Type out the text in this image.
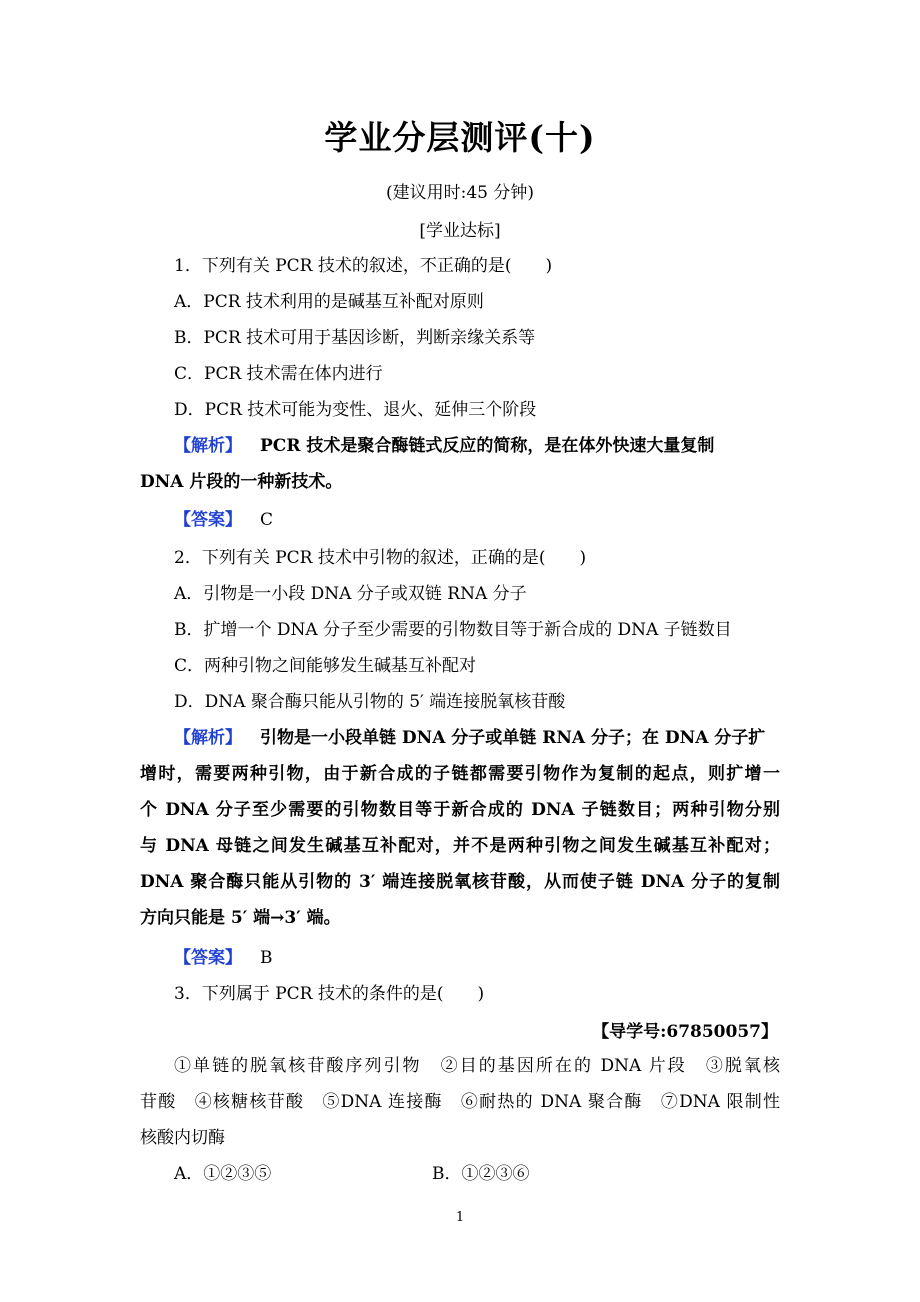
学业分层测评(十)
(建议用时:45 分钟)
[学业达标]
1．下列有关 PCR 技术的叙述，不正确的是(　　)
A．PCR 技术利用的是碱基互补配对原则
B．PCR 技术可用于基因诊断，判断亲缘关系等
C．PCR 技术需在体内进行
D．PCR 技术可能为变性、退火、延伸三个阶段
【解析】 PCR 技术是聚合酶链式反应的简称，是在体外快速大量复制
DNA 片段的一种新技术。
【答案】 C
2．下列有关 PCR 技术中引物的叙述，正确的是(　　)
A．引物是一小段 DNA 分子或双链 RNA 分子
B．扩增一个 DNA 分子至少需要的引物数目等于新合成的 DNA 子链数目
C．两种引物之间能够发生碱基互补配对
D．DNA 聚合酶只能从引物的 5′ 端连接脱氧核苷酸
【解析】 引物是一小段单链 DNA 分子或单链 RNA 分子；在 DNA 分子扩
增时，需要两种引物，由于新合成的子链都需要引物作为复制的起点，则扩增一
个 DNA 分子至少需要的引物数目等于新合成的 DNA 子链数目；两种引物分别
与 DNA 母链之间发生碱基互补配对，并不是两种引物之间发生碱基互补配对；
DNA 聚合酶只能从引物的 3′ 端连接脱氧核苷酸，从而使子链 DNA 分子的复制
方向只能是 5′ 端→3′ 端。
【答案】 B
3．下列属于 PCR 技术的条件的是(　　)
【导学号:67850057】
①单链的脱氧核苷酸序列引物　②目的基因所在的 DNA 片段　③脱氧核
苷酸　④核糖核苷酸　⑤DNA 连接酶　⑥耐热的 DNA 聚合酶　⑦DNA 限制性
核酸内切酶
A．①②③⑤	B．①②③⑥
1
